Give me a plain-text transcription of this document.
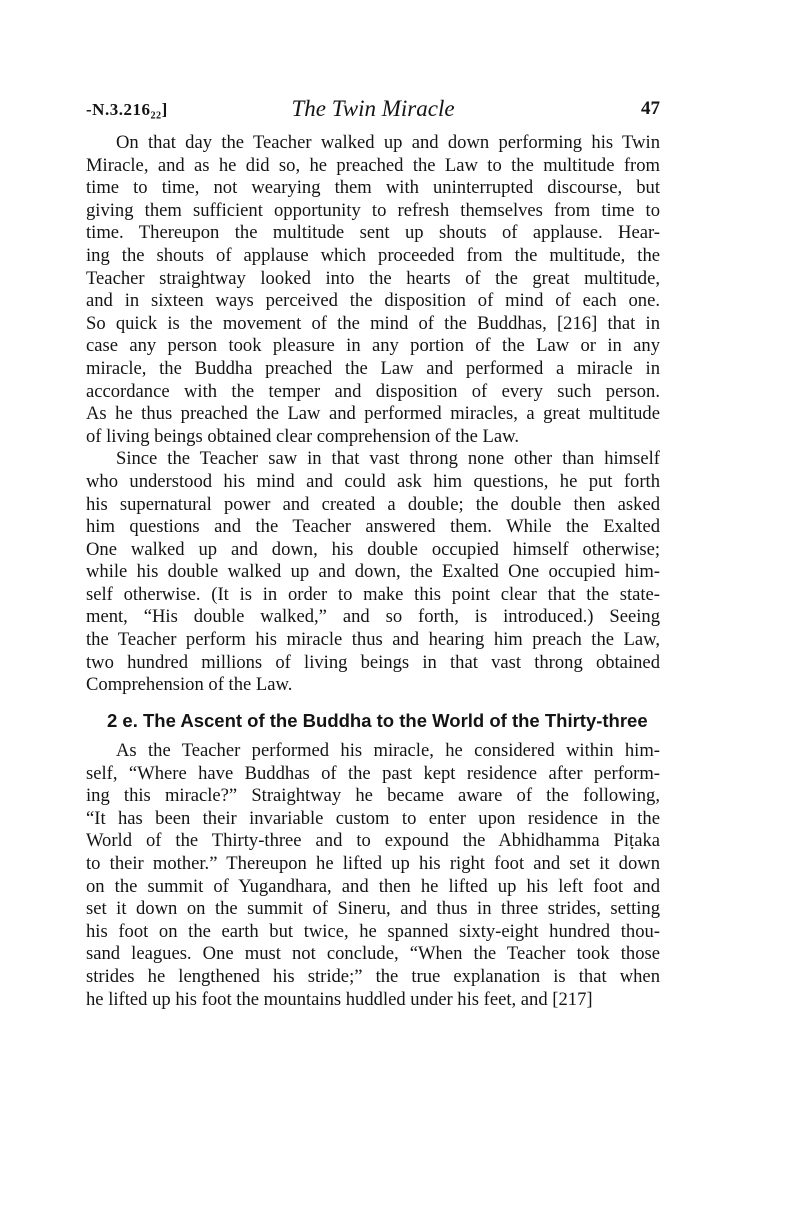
-N.3.216₂₂]	The Twin Miracle	47
On that day the Teacher walked up and down performing his Twin
Miracle, and as he did so, he preached the Law to the multitude from
time to time, not wearying them with uninterrupted discourse, but
giving them sufficient opportunity to refresh themselves from time to
time. Thereupon the multitude sent up shouts of applause. Hear-
ing the shouts of applause which proceeded from the multitude, the
Teacher straightway looked into the hearts of the great multitude,
and in sixteen ways perceived the disposition of mind of each one.
So quick is the movement of the mind of the Buddhas, [216] that in
case any person took pleasure in any portion of the Law or in any
miracle, the Buddha preached the Law and performed a miracle in
accordance with the temper and disposition of every such person.
As he thus preached the Law and performed miracles, a great multitude
of living beings obtained clear comprehension of the Law.
Since the Teacher saw in that vast throng none other than himself
who understood his mind and could ask him questions, he put forth
his supernatural power and created a double; the double then asked
him questions and the Teacher answered them. While the Exalted
One walked up and down, his double occupied himself otherwise;
while his double walked up and down, the Exalted One occupied him-
self otherwise. (It is in order to make this point clear that the state-
ment, “His double walked,” and so forth, is introduced.) Seeing
the Teacher perform his miracle thus and hearing him preach the Law,
two hundred millions of living beings in that vast throng obtained
Comprehension of the Law.
2 e. The Ascent of the Buddha to the World of the Thirty-three
As the Teacher performed his miracle, he considered within him-
self, “Where have Buddhas of the past kept residence after perform-
ing this miracle?” Straightway he became aware of the following,
“It has been their invariable custom to enter upon residence in the
World of the Thirty-three and to expound the Abhidhamma Piṭaka
to their mother.” Thereupon he lifted up his right foot and set it down
on the summit of Yugandhara, and then he lifted up his left foot and
set it down on the summit of Sineru, and thus in three strides, setting
his foot on the earth but twice, he spanned sixty-eight hundred thou-
sand leagues. One must not conclude, “When the Teacher took those
strides he lengthened his stride;” the true explanation is that when
he lifted up his foot the mountains huddled under his feet, and [217]
